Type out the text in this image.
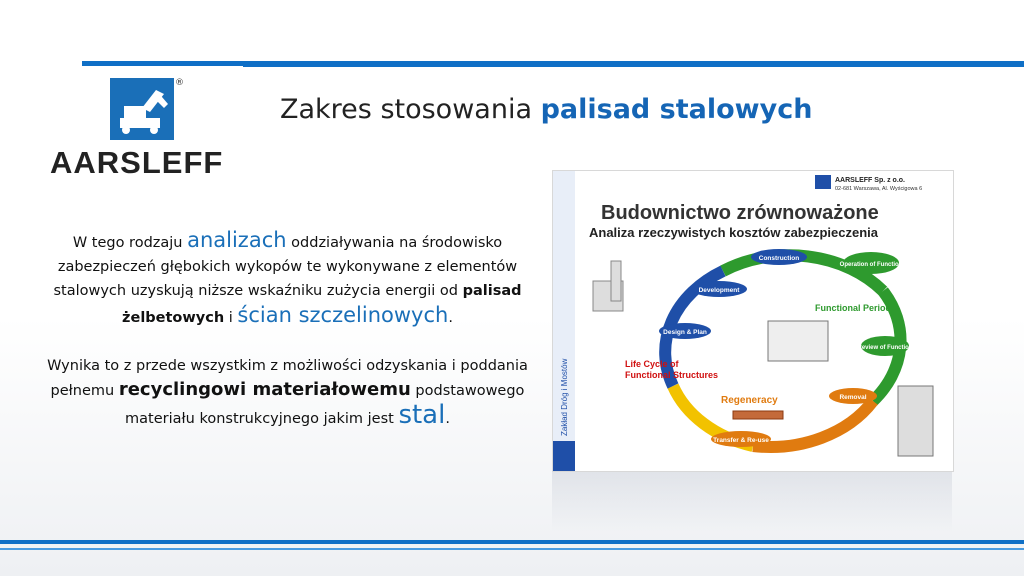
®
AARSLEFF
Zakres stosowania palisad stalowych
W tego rodzaju analizach oddziaływania na środowisko zabezpieczeń głębokich wykopów te wykonywane z elementów stalowych uzyskują niższe wskaźniku zużycia energii od palisad żelbetowych i ścian szczelinowych.
Wynika to z przede wszystkim z możliwości odzyskania i poddania pełnemu recyclingowi materiałowemu podstawowego materiału konstrukcyjnego jakim jest stal.	Zakład Dróg i Mostów
AARSLEFF Sp. z o.o.
02-681 Warszawa, Al. Wyścigowa 6
Budownictwo zrównoważone
Analiza rzeczywistych kosztów zabezpieczenia
Construction
Operation of Function
Review of Function
Removal
Transfer & Re-use
Design & Plan
Development
Life Cycle of
Functional Structures
Functional Period
Regeneracy
